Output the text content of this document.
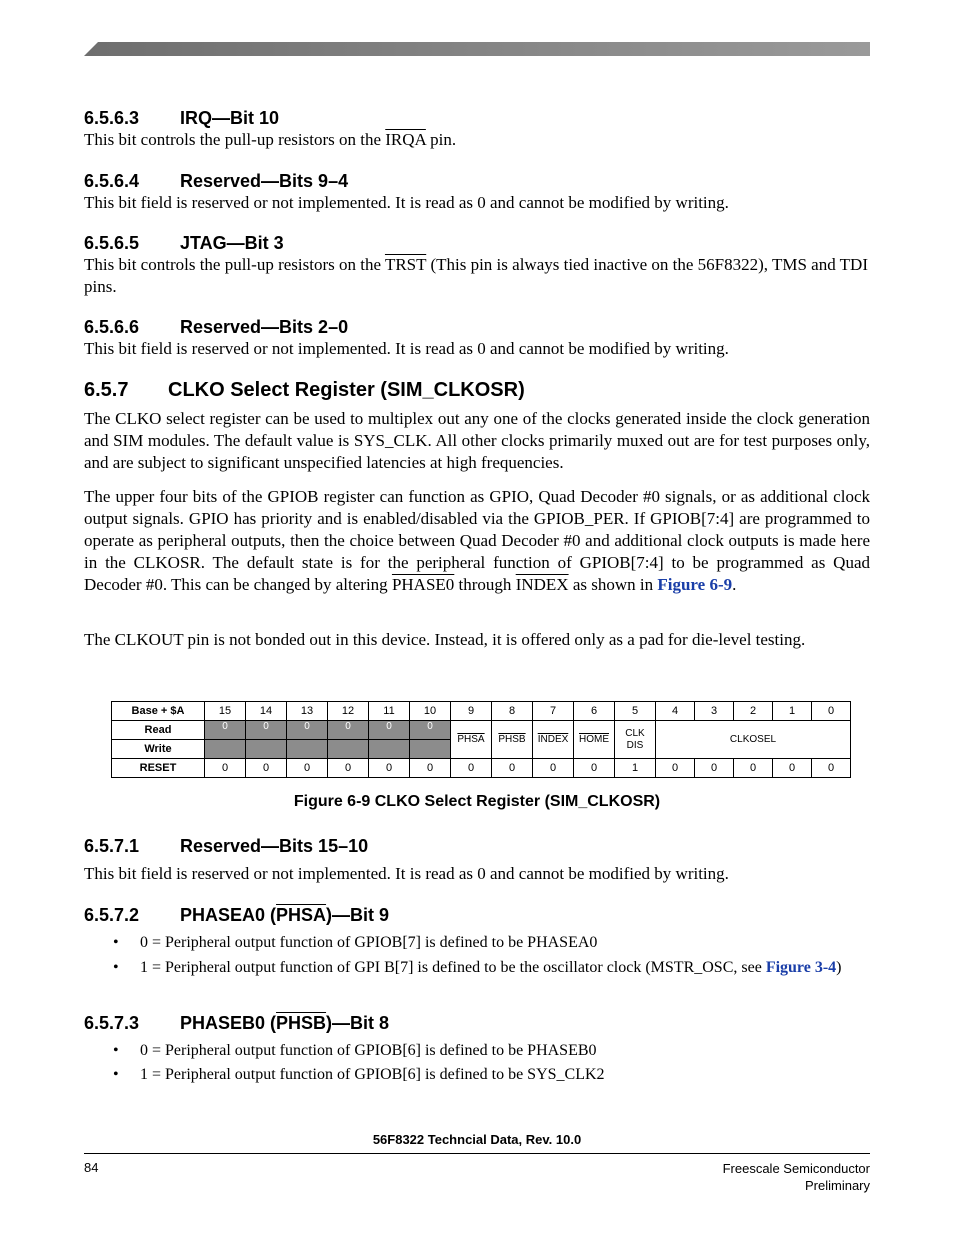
6.5.6.3 IRQ—Bit 10
This bit controls the pull-up resistors on the IRQA pin.
6.5.6.4 Reserved—Bits 9–4
This bit field is reserved or not implemented. It is read as 0 and cannot be modified by writing.
6.5.6.5 JTAG—Bit 3
This bit controls the pull-up resistors on the TRST (This pin is always tied inactive on the 56F8322), TMS and TDI pins.
6.5.6.6 Reserved—Bits 2–0
This bit field is reserved or not implemented. It is read as 0 and cannot be modified by writing.
6.5.7 CLKO Select Register (SIM_CLKOSR)
The CLKO select register can be used to multiplex out any one of the clocks generated inside the clock generation and SIM modules. The default value is SYS_CLK. All other clocks primarily muxed out are for test purposes only, and are subject to significant unspecified latencies at high frequencies.
The upper four bits of the GPIOB register can function as GPIO, Quad Decoder #0 signals, or as additional clock output signals. GPIO has priority and is enabled/disabled via the GPIOB_PER. If GPIOB[7:4] are programmed to operate as peripheral outputs, then the choice between Quad Decoder #0 and additional clock outputs is made here in the CLKOSR. The default state is for the peripheral function of GPIOB[7:4] to be programmed as Quad Decoder #0. This can be changed by altering PHASE0 through INDEX as shown in Figure 6-9.
The CLKOUT pin is not bonded out in this device. Instead, it is offered only as a pad for die-level testing.
Base + $A	15	14	13	12	11	10	9	8	7	6	5	4	3	2	1	0
Read	0	0	0	0	0	0	PHSA	PHSB	INDEX	HOME	CLK DIS	CLKOSEL				
Write																
RESET	0	0	0	0	0	0	0	0	0	0	1	0	0	0	0	0
Figure 6-9 CLKO Select Register (SIM_CLKOSR)
6.5.7.1 Reserved—Bits 15–10
This bit field is reserved or not implemented. It is read as 0 and cannot be modified by writing.
6.5.7.2 PHASEA0 (PHSA)—Bit 9
• 0 = Peripheral output function of GPIOB[7] is defined to be PHASEA0
• 1 = Peripheral output function of GPI B[7] is defined to be the oscillator clock (MSTR_OSC, see Figure 3-4)
6.5.7.3 PHASEB0 (PHSB)—Bit 8
• 0 = Peripheral output function of GPIOB[6] is defined to be PHASEB0
• 1 = Peripheral output function of GPIOB[6] is defined to be SYS_CLK2
56F8322 Techncial Data, Rev. 10.0
84	Freescale Semiconductor
Preliminary
